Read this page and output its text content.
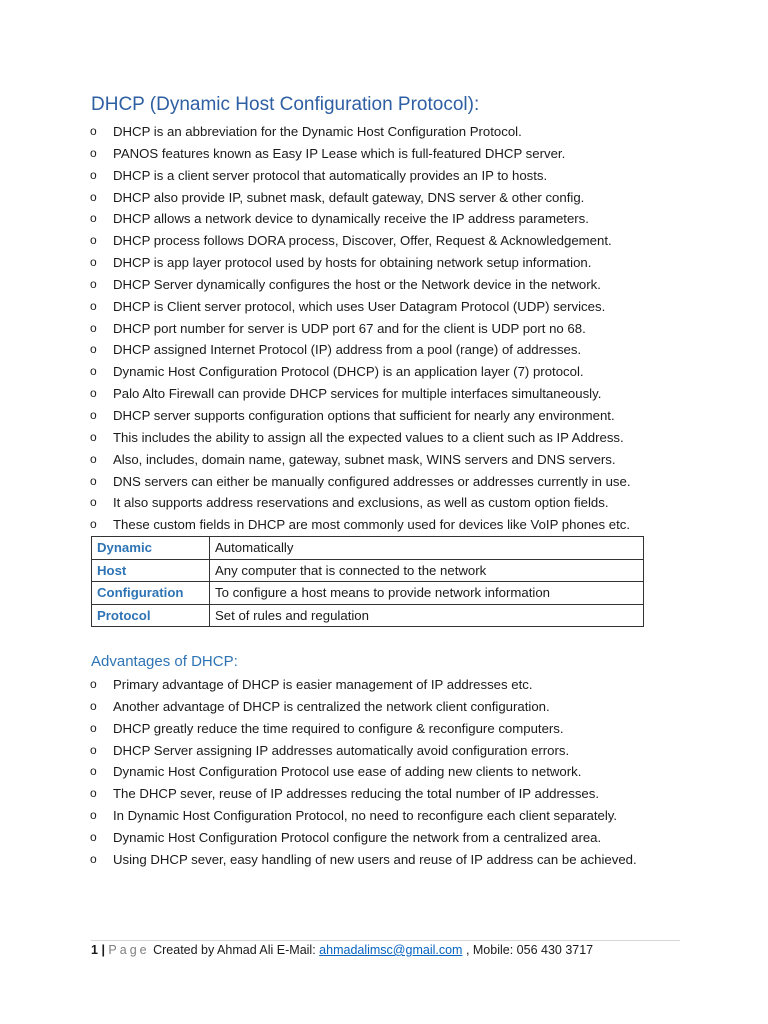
DHCP (Dynamic Host Configuration Protocol):
o DHCP is an abbreviation for the Dynamic Host Configuration Protocol.
o PANOS features known as Easy IP Lease which is full-featured DHCP server.
o DHCP is a client server protocol that automatically provides an IP to hosts.
o DHCP also provide IP, subnet mask, default gateway, DNS server & other config.
o DHCP allows a network device to dynamically receive the IP address parameters.
o DHCP process follows DORA process, Discover, Offer, Request & Acknowledgement.
o DHCP is app layer protocol used by hosts for obtaining network setup information.
o DHCP Server dynamically configures the host or the Network device in the network.
o DHCP is Client server protocol, which uses User Datagram Protocol (UDP) services.
o DHCP port number for server is UDP port 67 and for the client is UDP port no 68.
o DHCP assigned Internet Protocol (IP) address from a pool (range) of addresses.
o Dynamic Host Configuration Protocol (DHCP) is an application layer (7) protocol.
o Palo Alto Firewall can provide DHCP services for multiple interfaces simultaneously.
o DHCP server supports configuration options that sufficient for nearly any environment.
o This includes the ability to assign all the expected values to a client such as IP Address.
o Also, includes, domain name, gateway, subnet mask, WINS servers and DNS servers.
o DNS servers can either be manually configured addresses or addresses currently in use.
o It also supports address reservations and exclusions, as well as custom option fields.
o These custom fields in DHCP are most commonly used for devices like VoIP phones etc.
Dynamic	Automatically
Host	Any computer that is connected to the network
Configuration	To configure a host means to provide network information
Protocol	Set of rules and regulation
Advantages of DHCP:
o Primary advantage of DHCP is easier management of IP addresses etc.
o Another advantage of DHCP is centralized the network client configuration.
o DHCP greatly reduce the time required to configure & reconfigure computers.
o DHCP Server assigning IP addresses automatically avoid configuration errors.
o Dynamic Host Configuration Protocol use ease of adding new clients to network.
o The DHCP sever, reuse of IP addresses reducing the total number of IP addresses.
o In Dynamic Host Configuration Protocol, no need to reconfigure each client separately.
o Dynamic Host Configuration Protocol configure the network from a centralized area.
o Using DHCP sever, easy handling of new users and reuse of IP address can be achieved.
1 | Page Created by Ahmad Ali E-Mail: ahmadalimsc@gmail.com , Mobile: 056 430 3717
